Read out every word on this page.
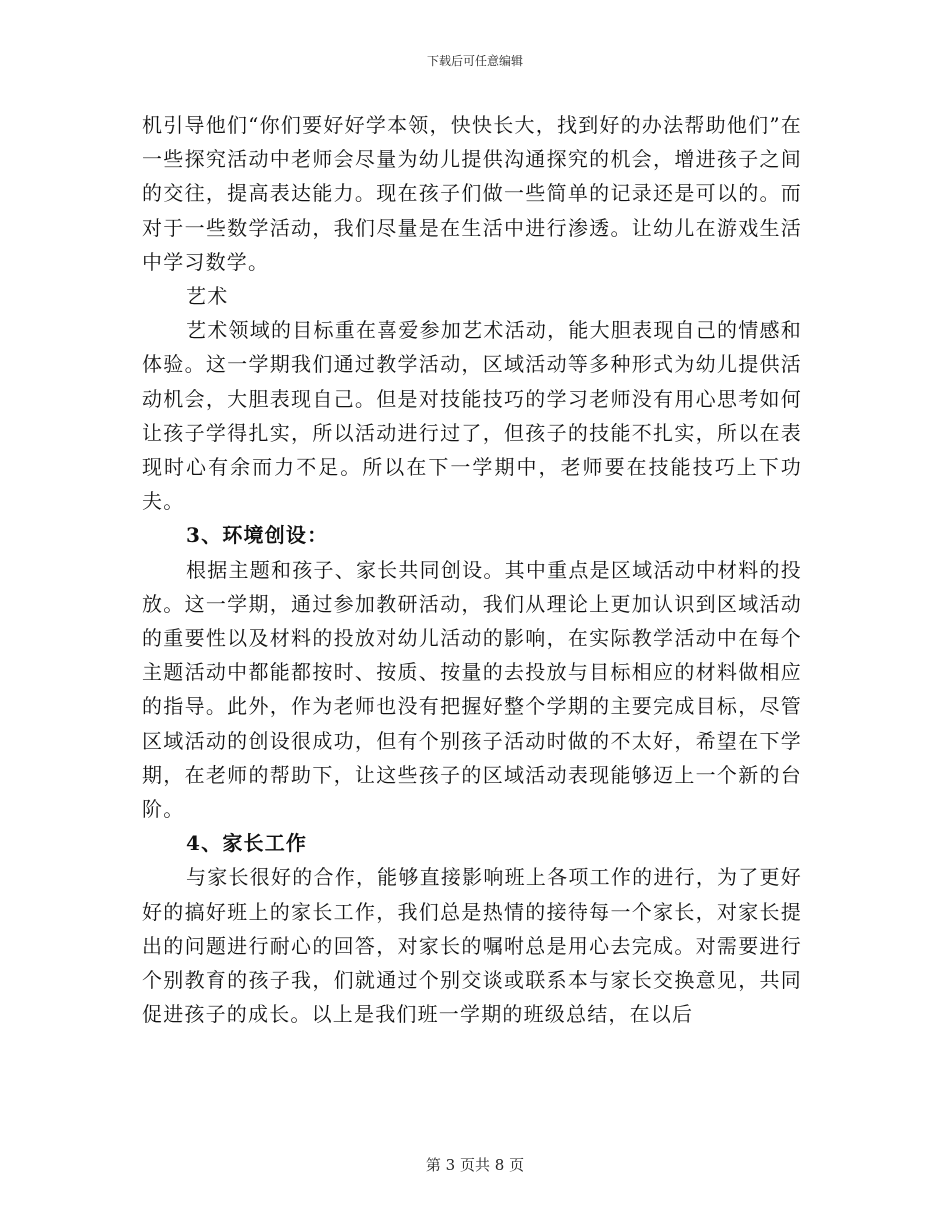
下载后可任意编辑

机引导他们“你们要好好学本领，快快长大，找到好的办法帮助他们”在一些探究活动中老师会尽量为幼儿提供沟通探究的机会，增进孩子之间的交往，提高表达能力。现在孩子们做一些简单的记录还是可以的。而对于一些数学活动，我们尽量是在生活中进行渗透。让幼儿在游戏生活中学习数学。

艺术

艺术领域的目标重在喜爱参加艺术活动，能大胆表现自己的情感和体验。这一学期我们通过教学活动，区域活动等多种形式为幼儿提供活动机会，大胆表现自己。但是对技能技巧的学习老师没有用心思考如何让孩子学得扎实，所以活动进行过了，但孩子的技能不扎实，所以在表现时心有余而力不足。所以在下一学期中，老师要在技能技巧上下功夫。

3、环境创设：

根据主题和孩子、家长共同创设。其中重点是区域活动中材料的投放。这一学期，通过参加教研活动，我们从理论上更加认识到区域活动的重要性以及材料的投放对幼儿活动的影响，在实际教学活动中在每个主题活动中都能都按时、按质、按量的去投放与目标相应的材料做相应的指导。此外，作为老师也没有把握好整个学期的主要完成目标，尽管区域活动的创设很成功，但有个别孩子活动时做的不太好，希望在下学期，在老师的帮助下，让这些孩子的区域活动表现能够迈上一个新的台阶。

4、家长工作

与家长很好的合作，能够直接影响班上各项工作的进行，为了更好好的搞好班上的家长工作，我们总是热情的接待每一个家长，对家长提出的问题进行耐心的回答，对家长的嘱咐总是用心去完成。对需要进行个别教育的孩子我，们就通过个别交谈或联系本与家长交换意见，共同促进孩子的成长。以上是我们班一学期的班级总结，在以后

第 3 页共 8 页
